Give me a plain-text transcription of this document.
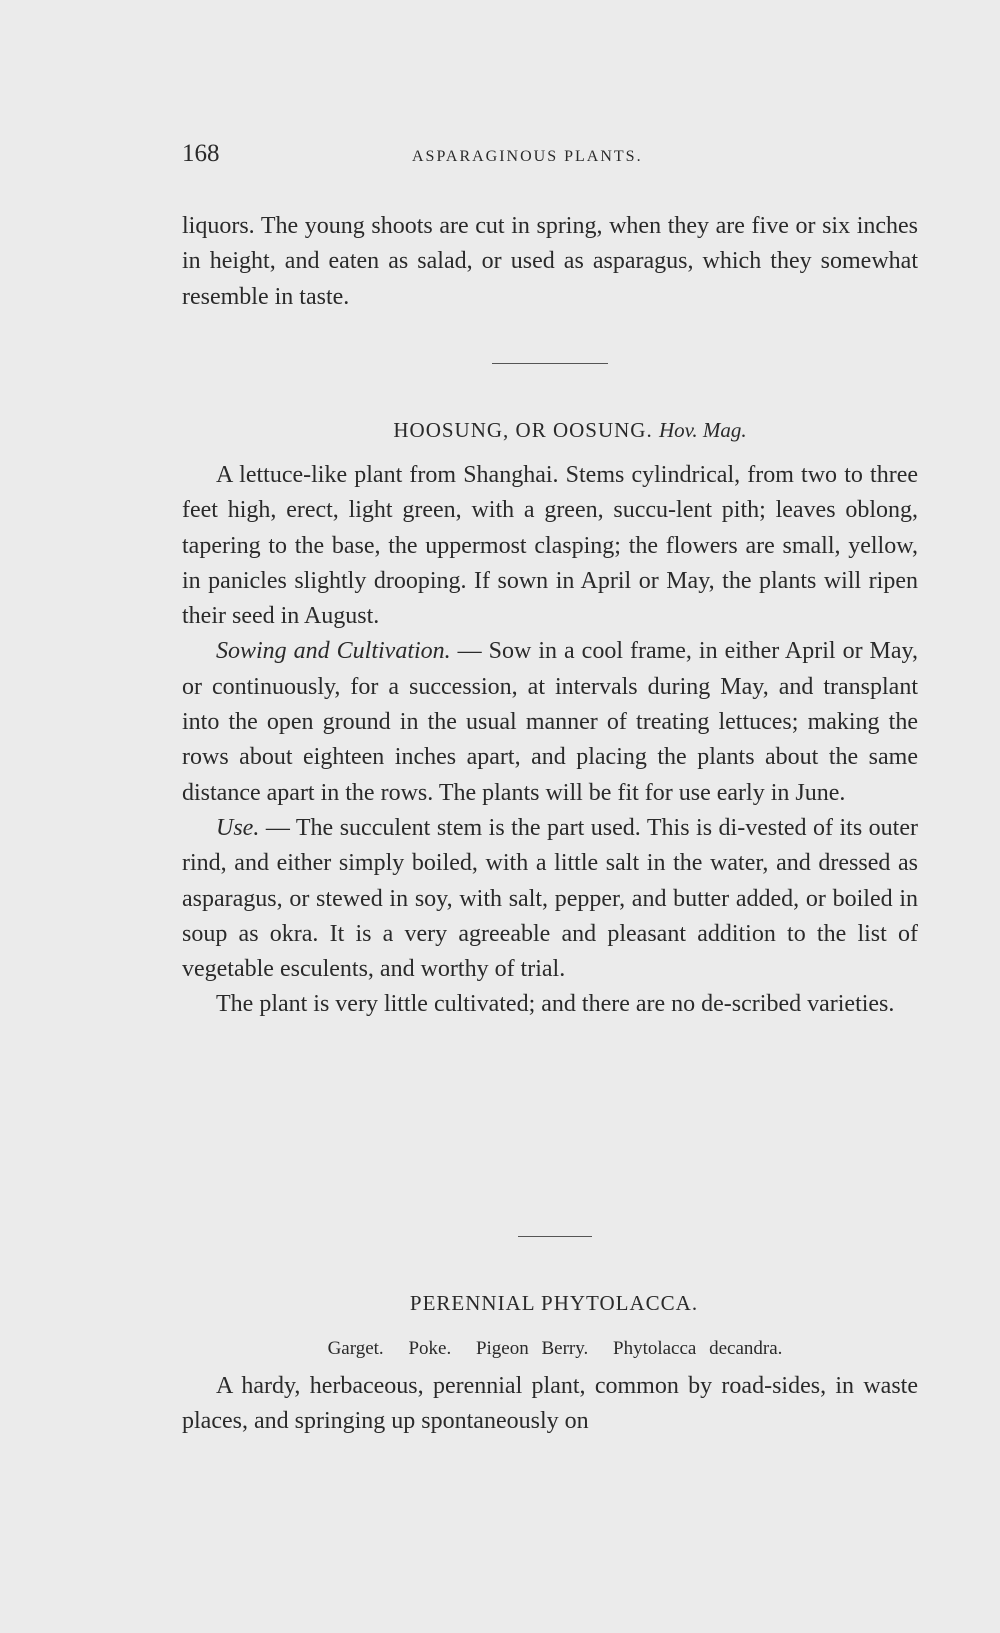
168	ASPARAGINOUS PLANTS.

liquors. The young shoots are cut in spring, when they are five or six inches in height, and eaten as salad, or used as asparagus, which they somewhat resemble in taste.

HOOSUNG, OR OOSUNG. Hov. Mag.

A lettuce-like plant from Shanghai. Stems cylindrical, from two to three feet high, erect, light green, with a green, succu-lent pith; leaves oblong, tapering to the base, the uppermost clasping; the flowers are small, yellow, in panicles slightly drooping. If sown in April or May, the plants will ripen their seed in August.

Sowing and Cultivation. — Sow in a cool frame, in either April or May, or continuously, for a succession, at intervals during May, and transplant into the open ground in the usual manner of treating lettuces; making the rows about eighteen inches apart, and placing the plants about the same distance apart in the rows. The plants will be fit for use early in June.

Use. — The succulent stem is the part used. This is di-vested of its outer rind, and either simply boiled, with a little salt in the water, and dressed as asparagus, or stewed in soy, with salt, pepper, and butter added, or boiled in soup as okra. It is a very agreeable and pleasant addition to the list of vegetable esculents, and worthy of trial.

The plant is very little cultivated; and there are no de-scribed varieties.

PERENNIAL PHYTOLACCA.
Garget. Poke. Pigeon Berry. Phytolacca decandra.

A hardy, herbaceous, perennial plant, common by road-sides, in waste places, and springing up spontaneously on
